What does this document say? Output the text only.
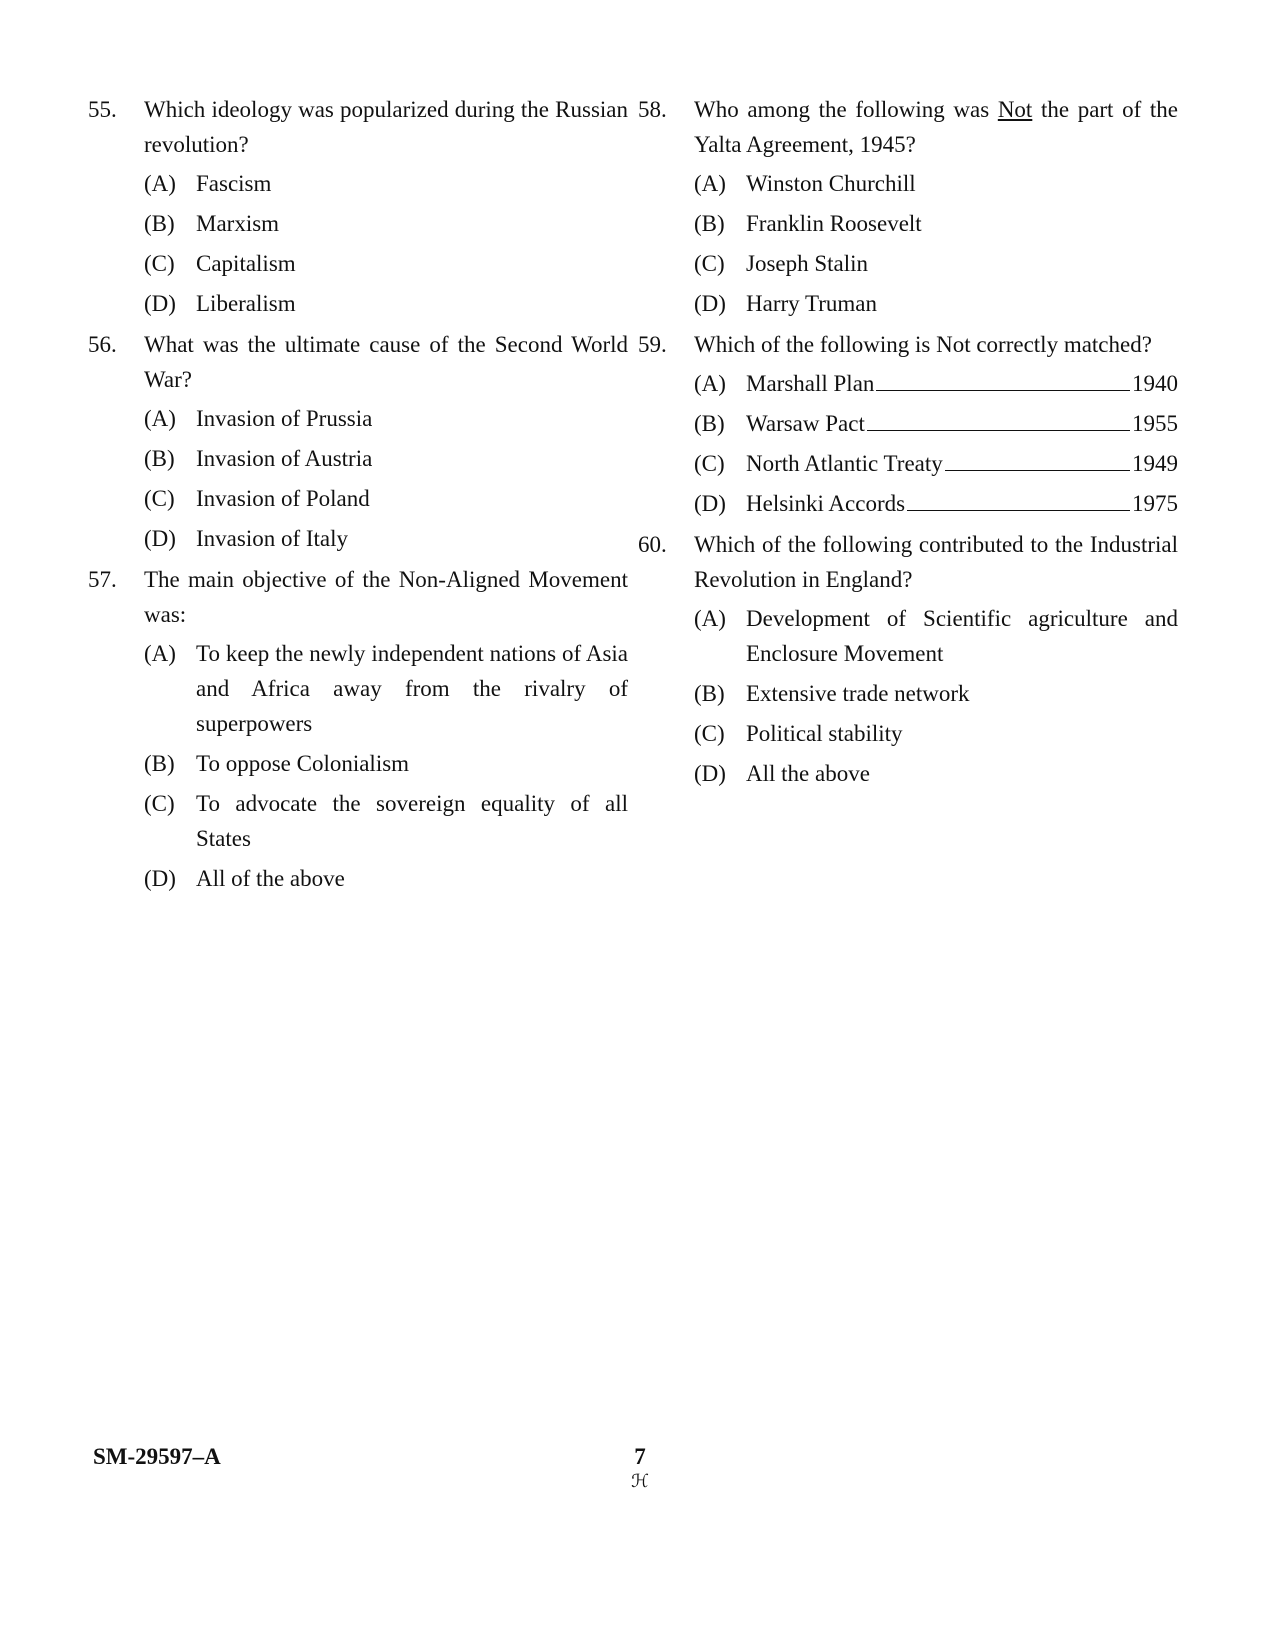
55. Which ideology was popularized during the Russian revolution?
(A) Fascism
(B) Marxism
(C) Capitalism
(D) Liberalism
56. What was the ultimate cause of the Second World War?
(A) Invasion of Prussia
(B) Invasion of Austria
(C) Invasion of Poland
(D) Invasion of Italy
57. The main objective of the Non-Aligned Movement was:
(A) To keep the newly independent nations of Asia and Africa away from the rivalry of superpowers
(B) To oppose Colonialism
(C) To advocate the sovereign equality of all States
(D) All of the above
58. Who among the following was Not the part of the Yalta Agreement, 1945?
(A) Winston Churchill
(B) Franklin Roosevelt
(C) Joseph Stalin
(D) Harry Truman
59. Which of the following is Not correctly matched?
(A) Marshall Plan	1940
(B) Warsaw Pact	1955
(C) North Atlantic Treaty	1949
(D) Helsinki Accords	1975
60. Which of the following contributed to the Industrial Revolution in England?
(A) Development of Scientific agriculture and Enclosure Movement
(B) Extensive trade network
(C) Political stability
(D) All the above
SM-29597–A	7
ℋ
